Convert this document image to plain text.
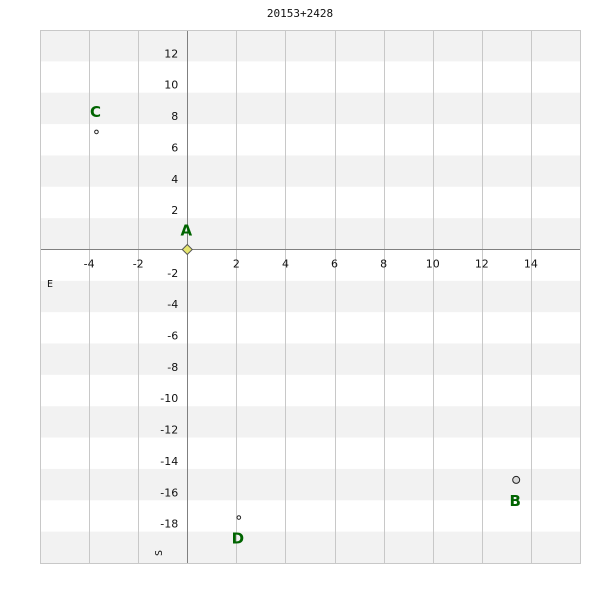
20153+2428
-4	-2	2	4	6	8	10	12	14
-18
-16
-14
-12
-10
-8
-6
-4
-2
2
4
6
8
10
12
E
S
A
B
C
D
